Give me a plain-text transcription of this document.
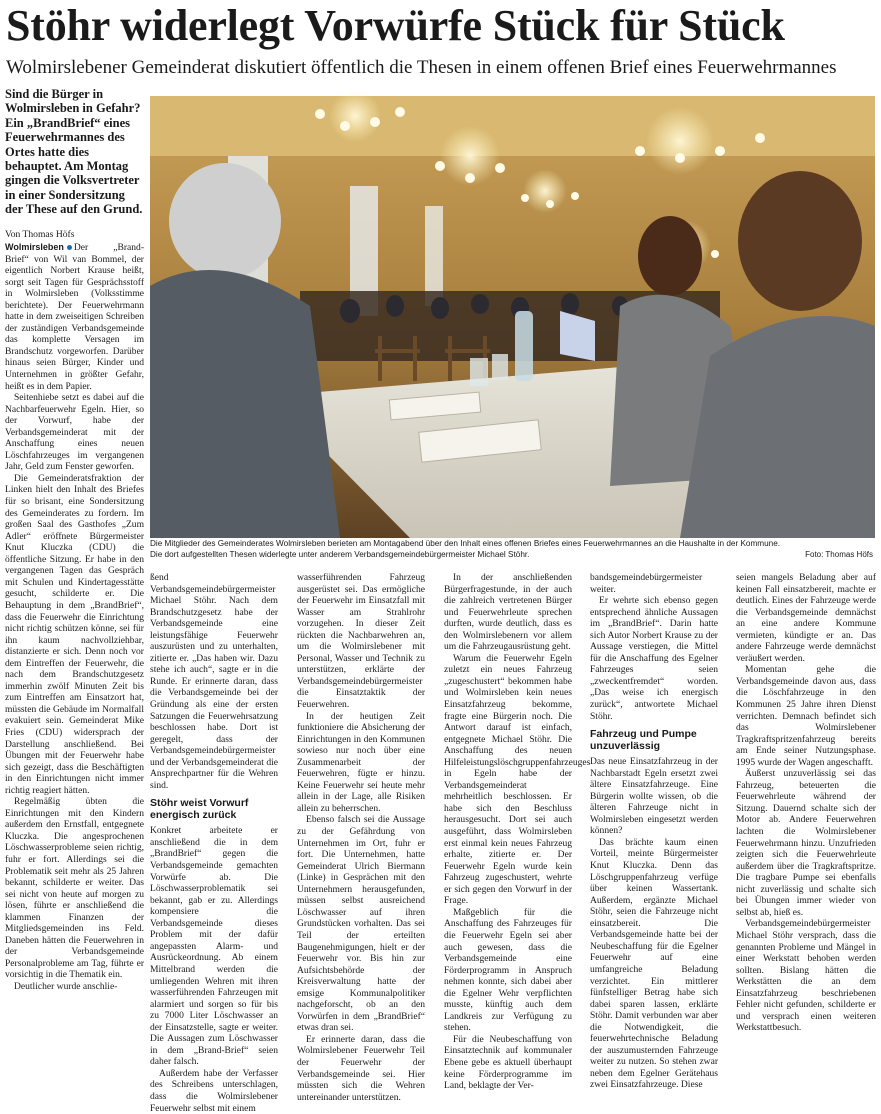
Stöhr widerlegt Vorwürfe Stück für Stück
Wolmirslebener Gemeinderat diskutiert öffentlich die Thesen in einem offenen Brief eines Feuerwehrmannes
Sind die Bürger in Wolmirsleben in Gefahr? Ein „BrandBrief“ eines Feuerwehrmannes des Ortes hatte dies behauptet. Am Montag gingen die Volksvertreter in einer Sondersitzung der These auf den Grund.
Von Thomas Höfs

Wolmirsleben Der „Brand-Brief“ von Wil van Bommel, der eigentlich Norbert Krause heißt, sorgt seit Tagen für Gesprächsstoff in Wolmirsleben (Volksstimme berichtete). Der Feuerwehrmann hatte in dem zweiseitigen Schreiben der zuständigen Verbandsgemeinde das komplette Versagen im Brandschutz vorgeworfen. Darüber hinaus seien Bürger, Kinder und Unternehmen in größter Gefahr, heißt es in dem Papier.

Seitenhiebe setzt es dabei auf die Nachbarfeuerwehr Egeln. Hier, so der Vorwurf, habe der Verbandsgemeinderat mit der Anschaffung eines neuen Löschfahrzeuges im vergangenen Jahr, Geld zum Fenster geworfen.

Die Gemeinderatsfraktion der Linken hielt den Inhalt des Briefes für so brisant, eine Sondersitzung des Gemeinderates zu fordern. Im großen Saal des Gasthofes „Zum Adler“ eröffnete Bürgermeister Knut Kluczka (CDU) die öffentliche Sitzung. Er habe in den vergangenen Tagen das Gespräch mit Schulen und Kindertagesstätte gesucht, schilderte er. Die Behauptung in dem „BrandBrief“, dass die Feuerwehr die Einrichtung nicht richtig schützen könne, sei für ihn kaum nachvollziehbar, distanzierte er sich. Denn noch vor dem Eintreffen der Feuerwehr, die nach dem Brandschutzgesetz immerhin zwölf Minuten Zeit bis zum Eintreffen am Einsatzort hat, müssten die Gebäude im Normalfall evakuiert sein. Gemeinderat Mike Fries (CDU) widersprach der Darstellung anschließend. Bei Übungen mit der Feuerwehr habe sich gezeigt, dass die Beschäftigten in den Einrichtungen nicht immer richtig reagiert hätten.

Regelmäßig übten die Einrichtungen mit den Kindern außerdem den Ernstfall, entgegnete Kluczka. Die angesprochenen Löschwasserprobleme seien richtig, fuhr er fort. Allerdings sei die Problematik seit mehr als 25 Jahren bekannt, schilderte er weiter. Das sei nicht von heute auf morgen zu lösen, führte er anschließend die klammen Finanzen der Mitgliedsgemeinden ins Feld. Daneben hätten die Feuerwehren in der Verbandsgemeinde Personalprobleme am Tag, führte er vorsichtig in die Thematik ein.

Deutlicher wurde anschlie-

Die Mitglieder des Gemeinderates Wolmirsleben berieten am Montagabend über den Inhalt eines offenen Briefes eines Feuerwehrmannes an die Haushalte in der Kommune.
Die dort aufgestellten Thesen widerlegte unter anderem Verbandsgemeindebürgermeister Michael Stöhr.	Foto: Thomas Höfs

ßend Verbandsgemeindebürgermeister Michael Stöhr. Nach dem Brandschutzgesetz habe der Verbandsgemeinde eine leistungsfähige Feuerwehr auszurüsten und zu unterhalten, zitierte er. „Das haben wir. Dazu stehe ich auch“, sagte er in die Runde. Er erinnerte daran, dass die Verbandsgemeinde bei der Gründung als eine der ersten Satzungen die Feuerwehrsatzung beschlossen habe. Dort ist geregelt, dass der Verbandsgemeindebürgermeister und der Verbandsgemeinderat die Ansprechpartner für die Wehren sind.

Stöhr weist Vorwurf energisch zurück

Konkret arbeitete er anschließend die in dem „BrandBrief“ gegen die Verbandsgemeinde gemachten Vorwürfe ab. Die Löschwasserproblematik sei bekannt, gab er zu. Allerdings kompensiere die Verbandsgemeinde dieses Problem mit der dafür angepassten Alarm- und Ausrückeordnung. Ab einem Mittelbrand werden die umliegenden Wehren mit ihren wasserführenden Fahrzeugen mit alarmiert und sorgen so für bis zu 7000 Liter Löschwasser an der Einsatzstelle, sagte er weiter. Die Aussagen zum Löschwasser in dem „Brand-Brief“ seien daher falsch.

Außerdem habe der Verfasser des Schreibens unterschlagen, dass die Wolmirslebener Feuerwehr selbst mit einem

wasserführenden Fahrzeug ausgerüstet sei. Das ermögliche der Feuerwehr im Einsatzfall mit Wasser am Strahlrohr vorzugehen. In dieser Zeit rückten die Nachbarwehren an, um die Wolmirslebener mit Personal, Wasser und Technik zu unterstützen, erklärte der Verbandsgemeindebürgermeister die Einsatztaktik der Feuerwehren.

In der heutigen Zeit funktioniere die Absicherung der Einrichtungen in den Kommunen sowieso nur noch über eine Zusammenarbeit der Feuerwehren, fügte er hinzu. Keine Feuerwehr sei heute mehr allein in der Lage, alle Risiken allein zu beherrschen.

Ebenso falsch sei die Aussage zu der Gefährdung von Unternehmen im Ort, fuhr er fort. Die Unternehmen, hatte Gemeinderat Ulrich Biermann (Linke) in Gesprächen mit den Unternehmern herausgefunden, müssen selbst ausreichend Löschwasser auf ihren Grundstücken vorhalten. Das sei Teil der erteilten Baugenehmigungen, hielt er der Feuerwehr vor. Bis hin zur Aufsichtsbehörde der Kreisverwaltung hatte der emsige Kommunalpolitiker nachgeforscht, ob an den Vorwürfen in dem „BrandBrief“ etwas dran sei.

Er erinnerte daran, dass die Wolmirslebener Feuerwehr Teil der Feuerwehr der Verbandsgemeinde sei. Hier müssten sich die Wehren untereinander unterstützen.

In der anschließenden Bürgerfragestunde, in der auch die zahlreich vertretenen Bürger und Feuerwehrleute sprechen durften, wurde deutlich, dass es den Wolmirslebenern vor allem um die Fahrzeugausrüstung geht.

Warum die Feuerwehr Egeln zuletzt ein neues Fahrzeug „zugeschustert“ bekommen habe und Wolmirsleben kein neues Einsatzfahrzeug bekomme, fragte eine Bürgerin noch. Die Antwort darauf ist einfach, entgegnete Michael Stöhr. Die Anschaffung des neuen Hilfeleistungslöschgruppenfahrzeuges in Egeln habe der Verbandsgemeinderat mehrheitlich beschlossen. Er habe sich den Beschluss herausgesucht. Dort sei auch ausgeführt, dass Wolmirsleben erst einmal kein neues Fahrzeug erhalte, zitierte er. Der Feuerwehr Egeln wurde kein Fahrzeug zugeschustert, wehrte er sich gegen den Vorwurf in der Frage.

Maßgeblich für die Anschaffung des Fahrzeuges für die Feuerwehr Egeln sei aber auch gewesen, dass die Verbandsgemeinde eine Förderprogramm in Anspruch nehmen konnte, sich dabei aber die Egelner Wehr verpflichten musste, künftig auch dem Landkreis zur Verfügung zu stehen.

Für die Neubeschaffung von Einsatztechnik auf kommunaler Ebene gebe es aktuell überhaupt keine Förderprogramme im Land, beklagte der Ver-

bandsgemeindebürgermeister weiter.

Er wehrte sich ebenso gegen entsprechend ähnliche Aussagen im „BrandBrief“. Darin hatte sich Autor Norbert Krause zu der Aussage verstiegen, die Mittel für die Anschaffung des Egelner Fahrzeuges seien „zweckentfremdet“ worden. „Das weise ich energisch zurück“, antwortete Michael Stöhr.

Fahrzeug und Pumpe unzuverlässig

Das neue Einsatzfahrzeug in der Nachbarstadt Egeln ersetzt zwei ältere Einsatzfahrzeuge. Eine Bürgerin wollte wissen, ob die älteren Fahrzeuge nicht in Wolmirsleben eingesetzt werden können?

Das brächte kaum einen Vorteil, meinte Bürgermeister Knut Kluczka. Denn das Löschgruppenfahrzeug verfüge über keinen Wassertank. Außerdem, ergänzte Michael Stöhr, seien die Fahrzeuge nicht einsatzbereit. Die Verbandsgemeinde hatte bei der Neubeschaffung für die Egelner Feuerwehr auf eine umfangreiche Beladung verzichtet. Ein mittlerer fünfstelliger Betrag habe sich dabei sparen lassen, erklärte Stöhr. Damit verbunden war aber die Notwendigkeit, die feuerwehrtechnische Beladung der auszumusternden Fahrzeuge weiter zu nutzen. So stehen zwar neben dem Egelner Gerätehaus zwei Einsatzfahrzeuge. Diese

seien mangels Beladung aber auf keinen Fall einsatzbereit, machte er deutlich. Eines der Fahrzeuge werde die Verbandsgemeinde demnächst an eine andere Kommune vermieten, kündigte er an. Das andere Fahrzeuge werde demnächst veräußert werden.

Momentan gehe die Verbandsgemeinde davon aus, dass die Löschfahrzeuge in den Kommunen 25 Jahre ihren Dienst verrichten. Demnach befindet sich das Wolmirslebener Tragkraftspritzenfahrzeug bereits am Ende seiner Nutzungsphase. 1995 wurde der Wagen angeschafft.

Äußerst unzuverlässig sei das Fahrzeug, beteuerten die Feuerwehrleute während der Sitzung. Dauernd schalte sich der Motor ab. Andere Feuerwehren lachten die Wolmirslebener Feuerwehrmann hinzu. Unzufrieden zeigten sich die Feuerwehrleute außerdem über die Tragkraftspritze. Die tragbare Pumpe sei ebenfalls nicht zuverlässig und schalte sich bei Übungen immer wieder von selbst ab, hieß es.

Verbandsgemeindebürgermeister Michael Stöhr versprach, dass die genannten Probleme und Mängel in einer Werkstatt behoben werden sollten. Bislang hätten die Werkstätten die an dem Einsatzfahrzeug beschriebenen Fehler nicht gefunden, schilderte er und versprach einen weiteren Werkstattbesuch.
